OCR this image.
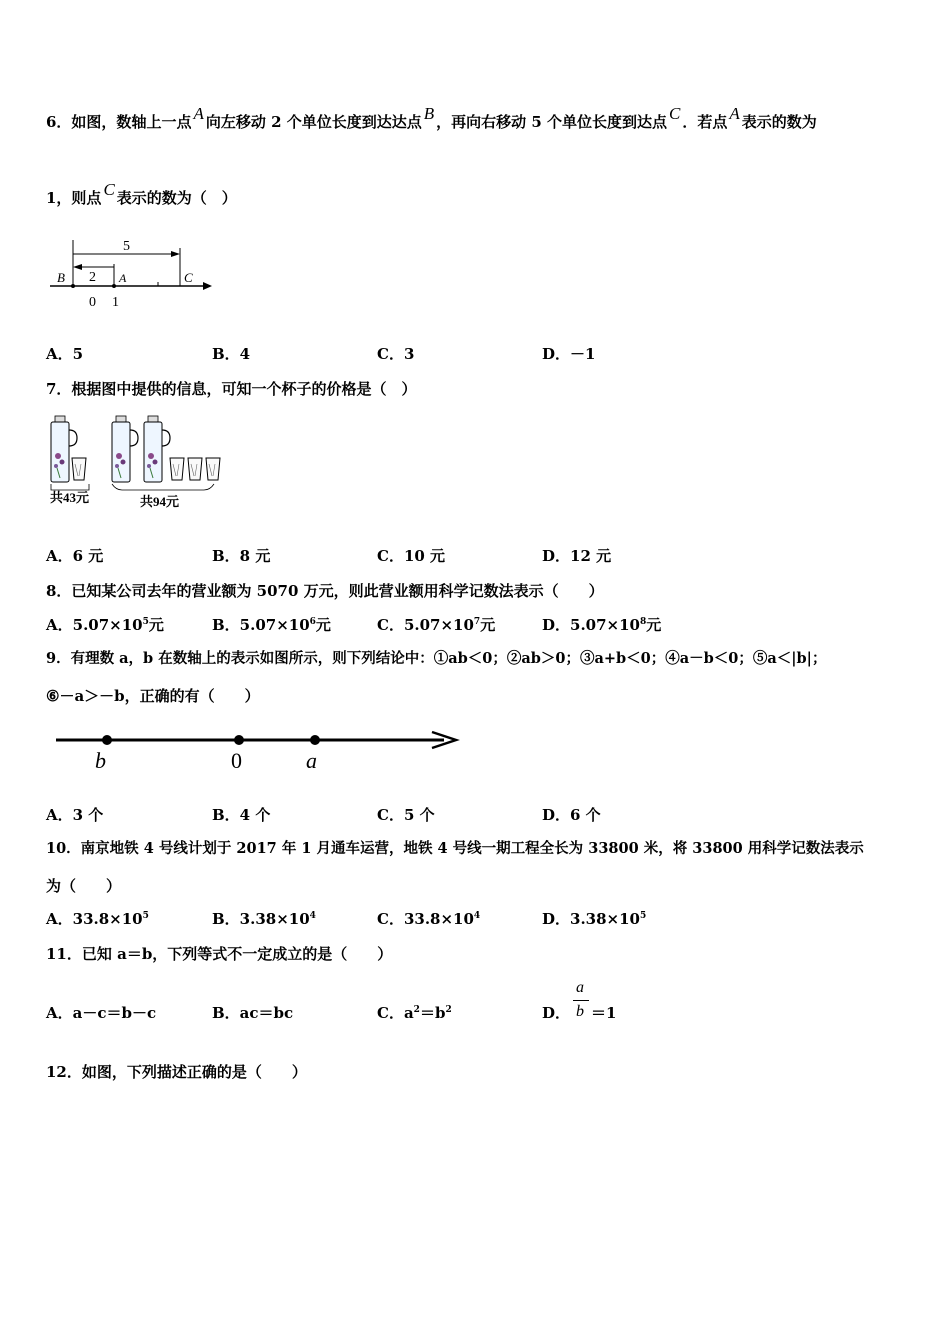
6．如图，数轴上一点 A 向左移动 2 个单位长度到达达点 B ，再向右移动 5 个单位长度到达点 C ．若点 A 表示的数为
1，则点 C 表示的数为（　）
5
2
B	A	C
0 1
A．5	B．4	C．3	D．－1
7．根据图中提供的信息，可知一个杯子的价格是（　）
共43元	共94元
A．6 元	B．8 元	C．10 元	D．12 元
8．已知某公司去年的营业额为 5070 万元，则此营业额用科学记数法表示（　　）
A．$5.07\times 10^5$元	B．$5.07\times 10^6$元	C．$5.07\times 10^7$元	D．$5.07\times 10^8$元
9．有理数 a，b 在数轴上的表示如图所示，则下列结论中：①ab＜0；②ab＞0；③a+b＜0；④a－b＜0；⑤a＜|b|；
⑥－a＞－b，正确的有（　　）
b	0	a
A．3 个	B．4 个	C．5 个	D．6 个
10．南京地铁 4 号线计划于 2017 年 1 月通车运营，地铁 4 号线一期工程全长为 33800 米，将 33800 用科学记数法表示
为（　　）
A．$33.8\times 10^5$	B．$3.38\times 10^4$	C．$33.8\times 10^4$	D．$3.38\times 10^5$
11．已知 a＝b，下列等式不一定成立的是（　　）
A．a－c＝b－c	B．ac＝bc	C．$a^2=b^2$	D．
a
b ＝1
12．如图，下列描述正确的是（　　）
